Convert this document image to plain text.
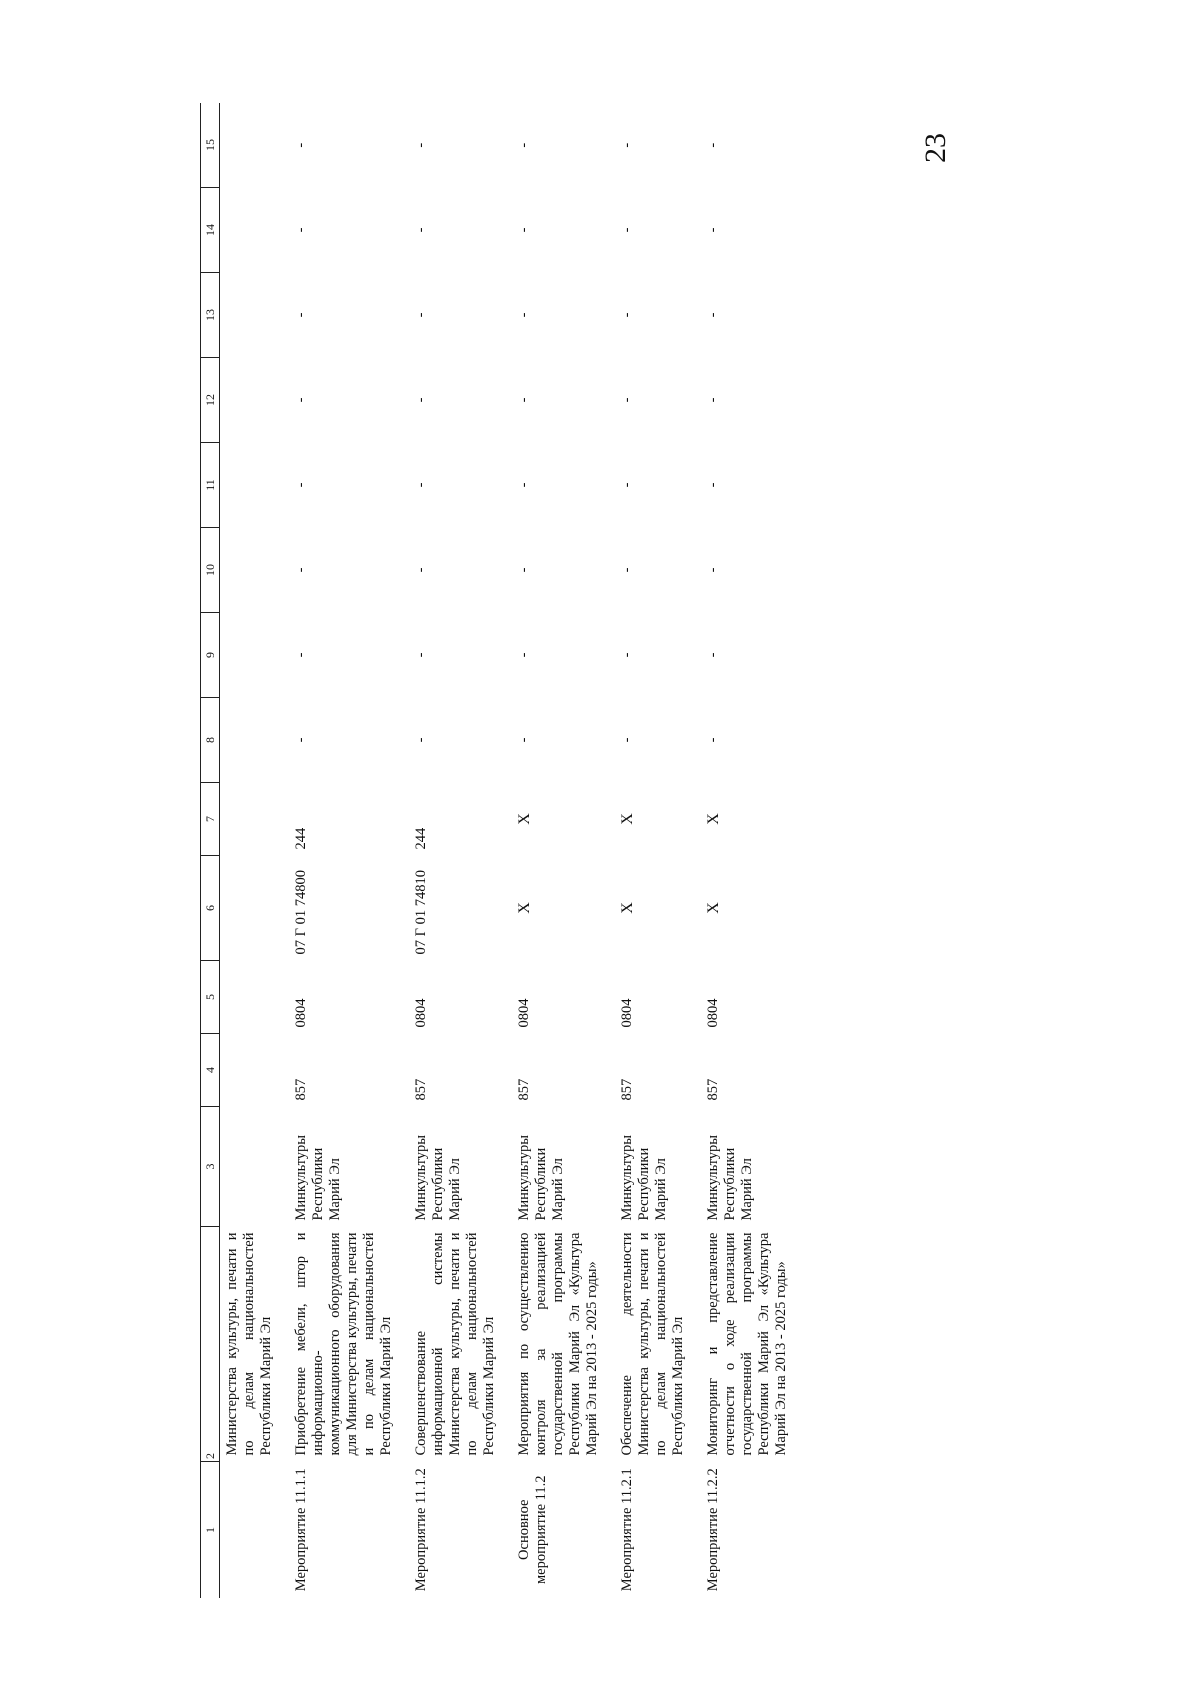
23
1	2	3	4	5	6	7	8	9	10	11	12	13	14	15
	Министерства культуры, печати и по делам национальностей Республики Марий Эл													
Мероприятие 11.1.1	Приобретение мебели, штор и информационно-коммуникационного оборудования для Министерства культуры, печати и по делам национальностей Республики Марий Эл	Минкультуры Республики Марий Эл	857	0804	07 Г 01 74800	244	-	-	-	-	-	-	-	-
Мероприятие 11.1.2	Совершенствование информационной системы Министерства культуры, печати и по делам национальностей Республики Марий Эл	Минкультуры Республики Марий Эл	857	0804	07 Г 01 74810	244	-	-	-	-	-	-	-	-
Основное мероприятие 11.2	Мероприятия по осуществлению контроля за реализацией государственной программы Республики Марий Эл «Культура Марий Эл на 2013 - 2025 годы»	Минкультуры Республики Марий Эл	857	0804	X	X	-	-	-	-	-	-	-	-
Мероприятие 11.2.1	Обеспечение деятельности Министерства культуры, печати и по делам национальностей Республики Марий Эл	Минкультуры Республики Марий Эл	857	0804	X	X	-	-	-	-	-	-	-	-
Мероприятие 11.2.2	Мониторинг и представление отчетности о ходе реализации государственной программы Республики Марий Эл «Культура Марий Эл на 2013 - 2025 годы»	Минкультуры Республики Марий Эл	857	0804	X	X	-	-	-	-	-	-	-	-
